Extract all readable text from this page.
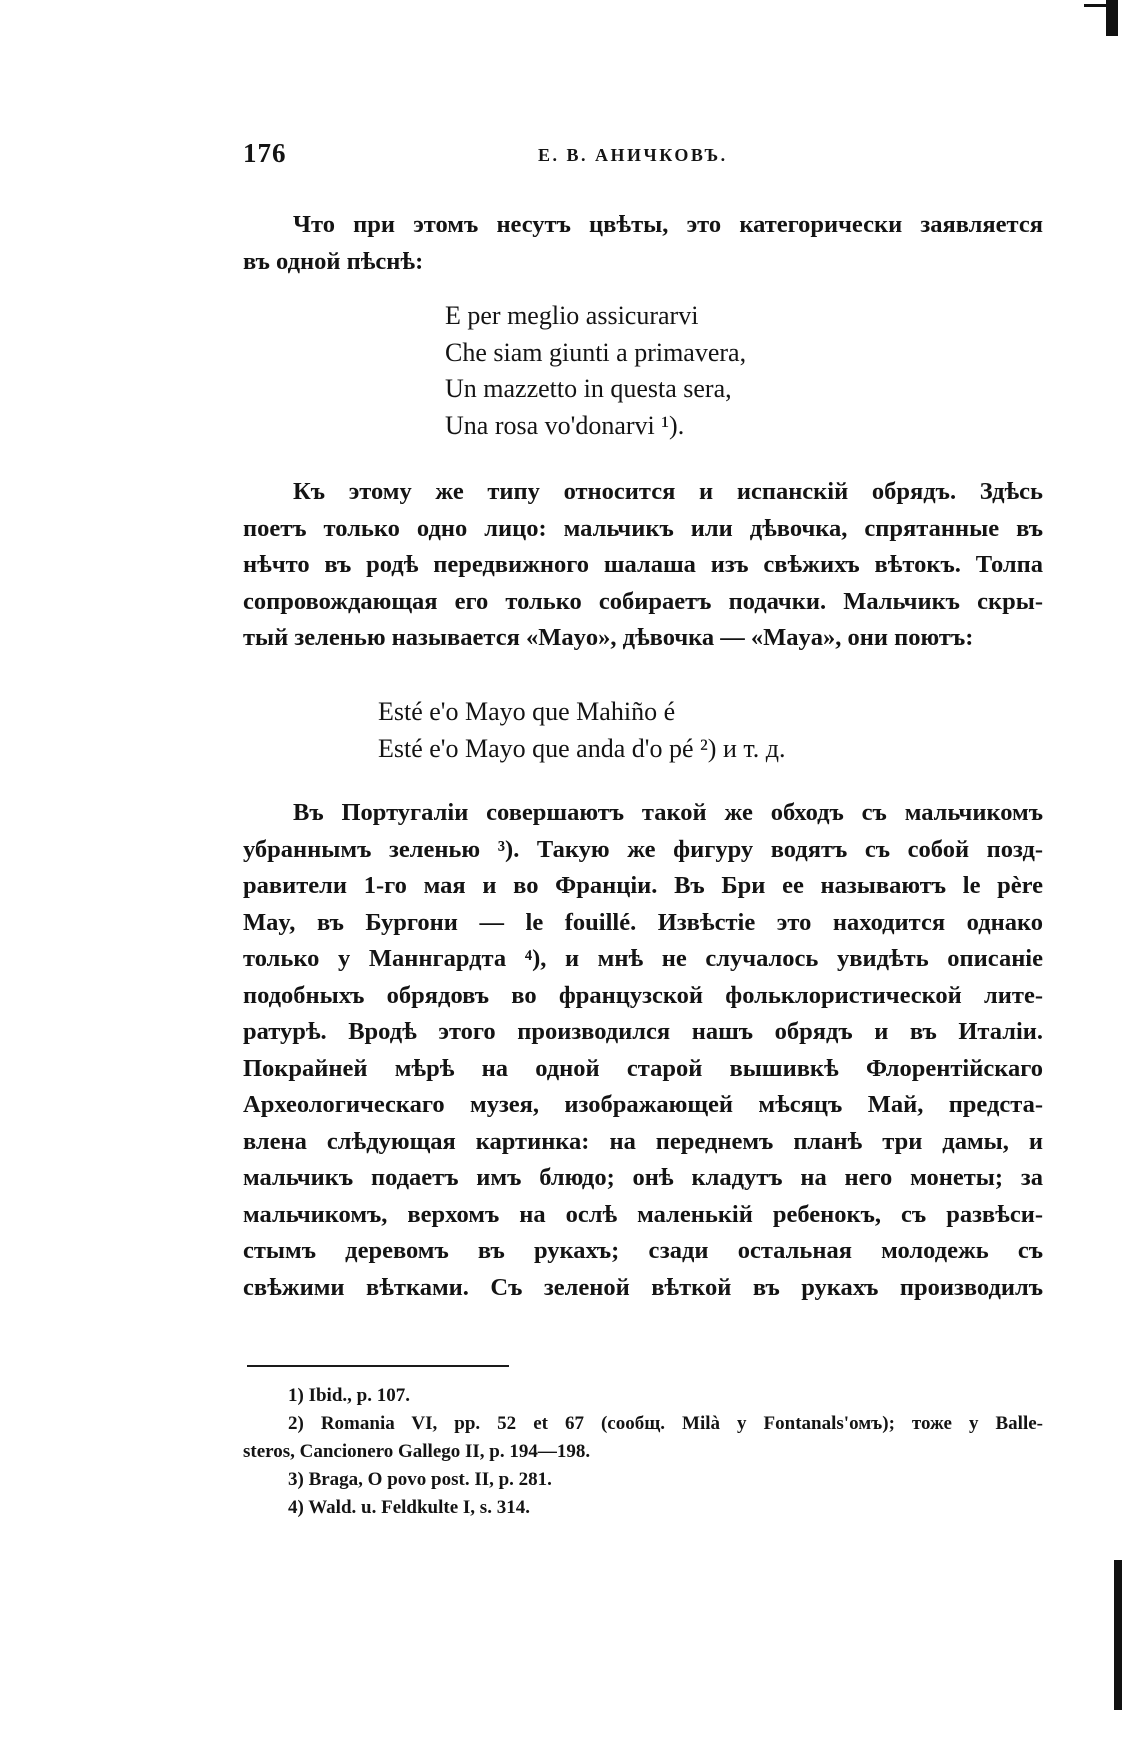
176	Е. В. АНИЧКОВЪ.

Что при этомъ несутъ цвѣты, это категорически заявляется

въ одной пѣснѣ:

E per meglio assicurarvi
Che siam giunti a primavera,
Un mazzetto in questa sera,
Una rosa vo'donarvi ¹).

Къ этому же типу относится и испанскій обрядъ. Здѣсь

поетъ только одно лицо: мальчикъ или дѣвочка, спрятанные въ

нѣчто въ родѣ передвижного шалаша изъ свѣжихъ вѣтокъ. Толпа

сопровождающая его только собираетъ подачки. Мальчикъ скры-

тый зеленью называется «Mayo», дѣвочка — «Maya», они поютъ:

Esté e'o Mayo que Mahiño é
Esté e'o Mayo que anda d'o pé ²) и т. д.

Въ Португаліи совершаютъ такой же обходъ съ мальчикомъ

убраннымъ зеленью ³). Такую же фигуру водятъ съ собой позд-

равители 1-го мая и во Франціи. Въ Бри ее называютъ le père

May, въ Бургони — le fouillé. Извѣстіе это находится однако

только у Маннгардта ⁴), и мнѣ не случалось увидѣть описаніе

подобныхъ обрядовъ во французской фольклористической лите-

ратурѣ. Вродѣ этого производился нашъ обрядъ и въ Италіи.

Покрайней мѣрѣ на одной старой вышивкѣ Флорентійскаго

Археологическаго музея, изображающей мѣсяцъ Май, предста-

влена слѣдующая картинка: на переднемъ планѣ три дамы, и

мальчикъ подаетъ имъ блюдо; онѣ кладутъ на него монеты; за

мальчикомъ, верхомъ на ослѣ маленькій ребенокъ, съ развѣси-

стымъ деревомъ въ рукахъ; сзади остальная молодежь съ

свѣжими вѣтками. Съ зеленой вѣткой въ рукахъ производилъ

1) Ibid., p. 107.

2) Romania VI, pp. 52 et 67 (сообщ. Milà y Fontanals'омъ); тоже у Balle-

steros, Cancionero Gallego II, p. 194—198.

3) Braga, O povo post. II, p. 281.

4) Wald. u. Feldkulte I, s. 314.
